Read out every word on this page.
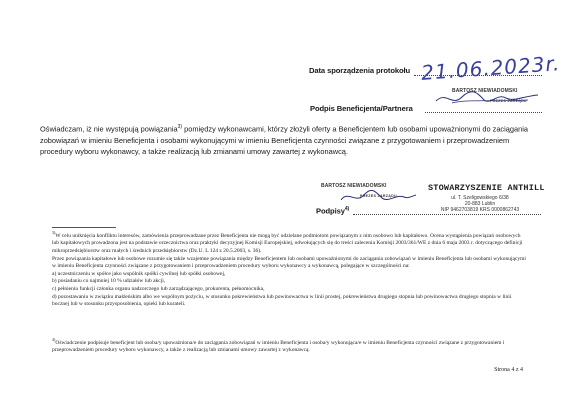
Data sporządzenia protokołu 21.06.2023r.
BARTOSZ NIEWIADOMSKI
PREZES ZARZĄDU
Podpis Beneficjenta/Partnera
Oświadczam, iż nie występują powiązania$^{3)}$ pomiędzy wykonawcami, którzy złożyli oferty a Beneficjentem lub osobami upoważnionymi do zaciągania zobowiązań w imieniu Beneficjenta i osobami wykonującymi w imieniu Beneficjenta czynności związane z przygotowaniem i przeprowadzeniem procedury wyboru wykonawcy, a także realizacją lub zmianami umowy zawartej z wykonawcą.
BARTOSZ NIEWIADOMSKI
PREZES ZARZĄDU
Podpisy$^{4)}$
STOWARZYSZENIE ANTHILL
ul. T. Szeligowskiego 6/38
20-883 Lublin
NIP 9462703819 KRS 0000862743

$^{3)}$W celu uniknięcia konfliktu interesów, zamówienia przeprowadzane przez Beneficjenta nie mogą być udzielane podmiotom powiązanym z nim osobowo lub kapitałowo. Ocena wystąpienia powiązań osobowych lub kapitałowych prowadzona jest na podstawie orzecznictwa oraz praktyki decyzyjnej Komisji Europejskiej, odwołujących się do treści zalecenia Komisji 2003/361/WE z dnia 6 maja 2003 r. dotyczącego definicji mikroprzedsiębiorstw oraz małych i średnich przedsiębiorstw (Dz.U. L 124 z 20.5.2003, s. 36).

Przez powiązania kapitałowe lub osobowe rozumie się także wzajemne powiązania między Beneficjentem lub osobami upoważnionymi do zaciągania zobowiązań w imieniu Beneficjenta lub osobami wykonującymi w imieniu Beneficjenta czynności związane z przygotowaniem i przeprowadzeniem procedury wyboru wykonawcy a wykonawcą, polegające w szczególności na:

a) uczestniczeniu w spółce jako wspólnik spółki cywilnej lub spółki osobowej,
b) posiadaniu co najmniej 10 % udziałów lub akcji,
c) pełnieniu funkcji członka organu nadzorczego lub zarządzającego, prokurenta, pełnomocnika,
d) pozostawaniu w związku małżeńskim albo we wspólnym pożyciu, w stosunku pokrewieństwa lub powinowactwa w linii prostej, pokrewieństwa drugiego stopnia lub powinowactwa drugiego stopnia w linii bocznej lub w stosunku przysposobienia, opieki lub kurateli.

$^{4)}$Oświadczenie podpisuje beneficjent lub osoba/y upoważniona/e do zaciągania zobowiązań w imieniu Beneficjenta i osoba/y wykonująca/e w imieniu Beneficjenta czynności związane z przygotowaniem i przeprowadzeniem procedury wyboru wykonawcy, a także z realizacją lub zmianami umowy zawartej z wykonawcą.

Strona 4 z 4
